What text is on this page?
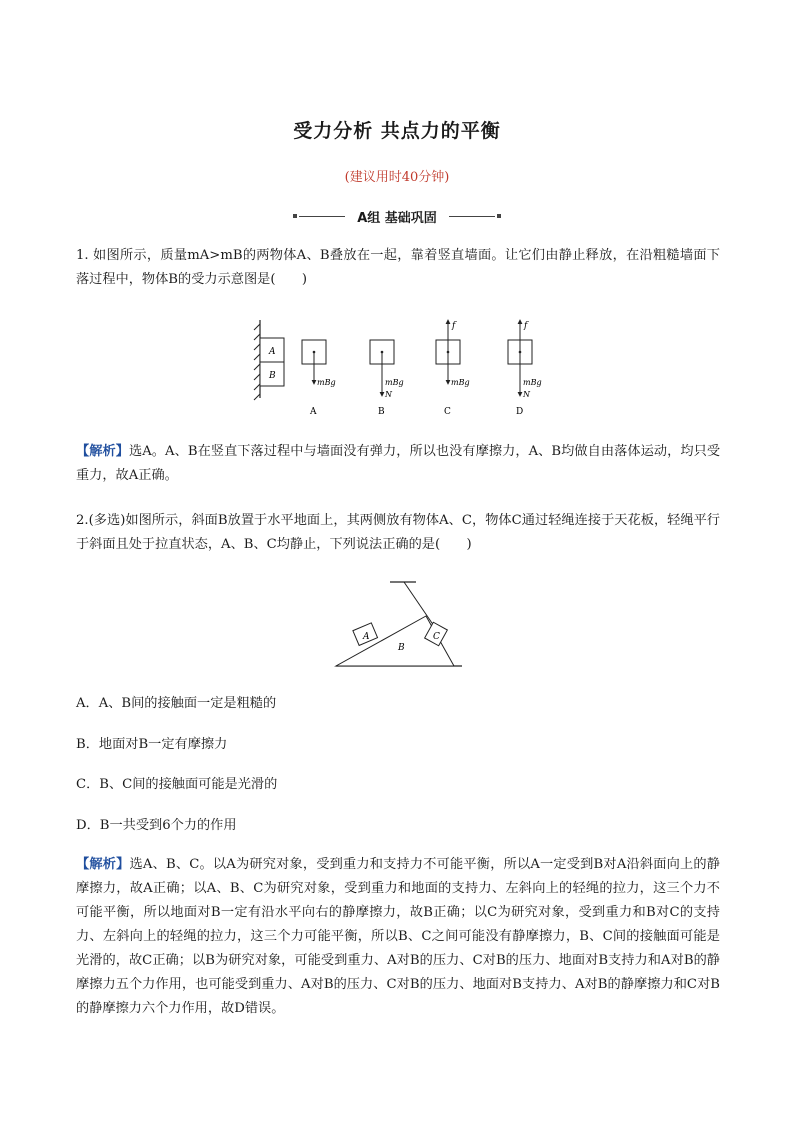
受力分析 共点力的平衡
(建议用时40分钟)
A组 基础巩固
1. 如图所示，质量mA>mB的两物体A、B叠放在一起，靠着竖直墙面。让它们由静止释放，在沿粗糙墙面下落过程中，物体B的受力示意图是(　　)
A
B
mBg	mBg
N
f
mBg
f
mBg
N
A	B	C	D
【解析】选A。A、B在竖直下落过程中与墙面没有弹力，所以也没有摩擦力，A、B均做自由落体运动，均只受重力，故A正确。
2.(多选)如图所示，斜面B放置于水平地面上，其两侧放有物体A、C，物体C通过轻绳连接于天花板，轻绳平行于斜面且处于拉直状态，A、B、C均静止，下列说法正确的是(　　)
A
B
C
A．A、B间的接触面一定是粗糙的
B．地面对B一定有摩擦力
C．B、C间的接触面可能是光滑的
D．B一共受到6个力的作用
【解析】选A、B、C。以A为研究对象，受到重力和支持力不可能平衡，所以A一定受到B对A沿斜面向上的静摩擦力，故A正确；以A、B、C为研究对象，受到重力和地面的支持力、左斜向上的轻绳的拉力，这三个力不可能平衡，所以地面对B一定有沿水平向右的静摩擦力，故B正确；以C为研究对象，受到重力和B对C的支持力、左斜向上的轻绳的拉力，这三个力可能平衡，所以B、C之间可能没有静摩擦力，B、C间的接触面可能是光滑的，故C正确；以B为研究对象，可能受到重力、A对B的压力、C对B的压力、地面对B支持力和A对B的静摩擦力五个力作用，也可能受到重力、A对B的压力、C对B的压力、地面对B支持力、A对B的静摩擦力和C对B的静摩擦力六个力作用，故D错误。
